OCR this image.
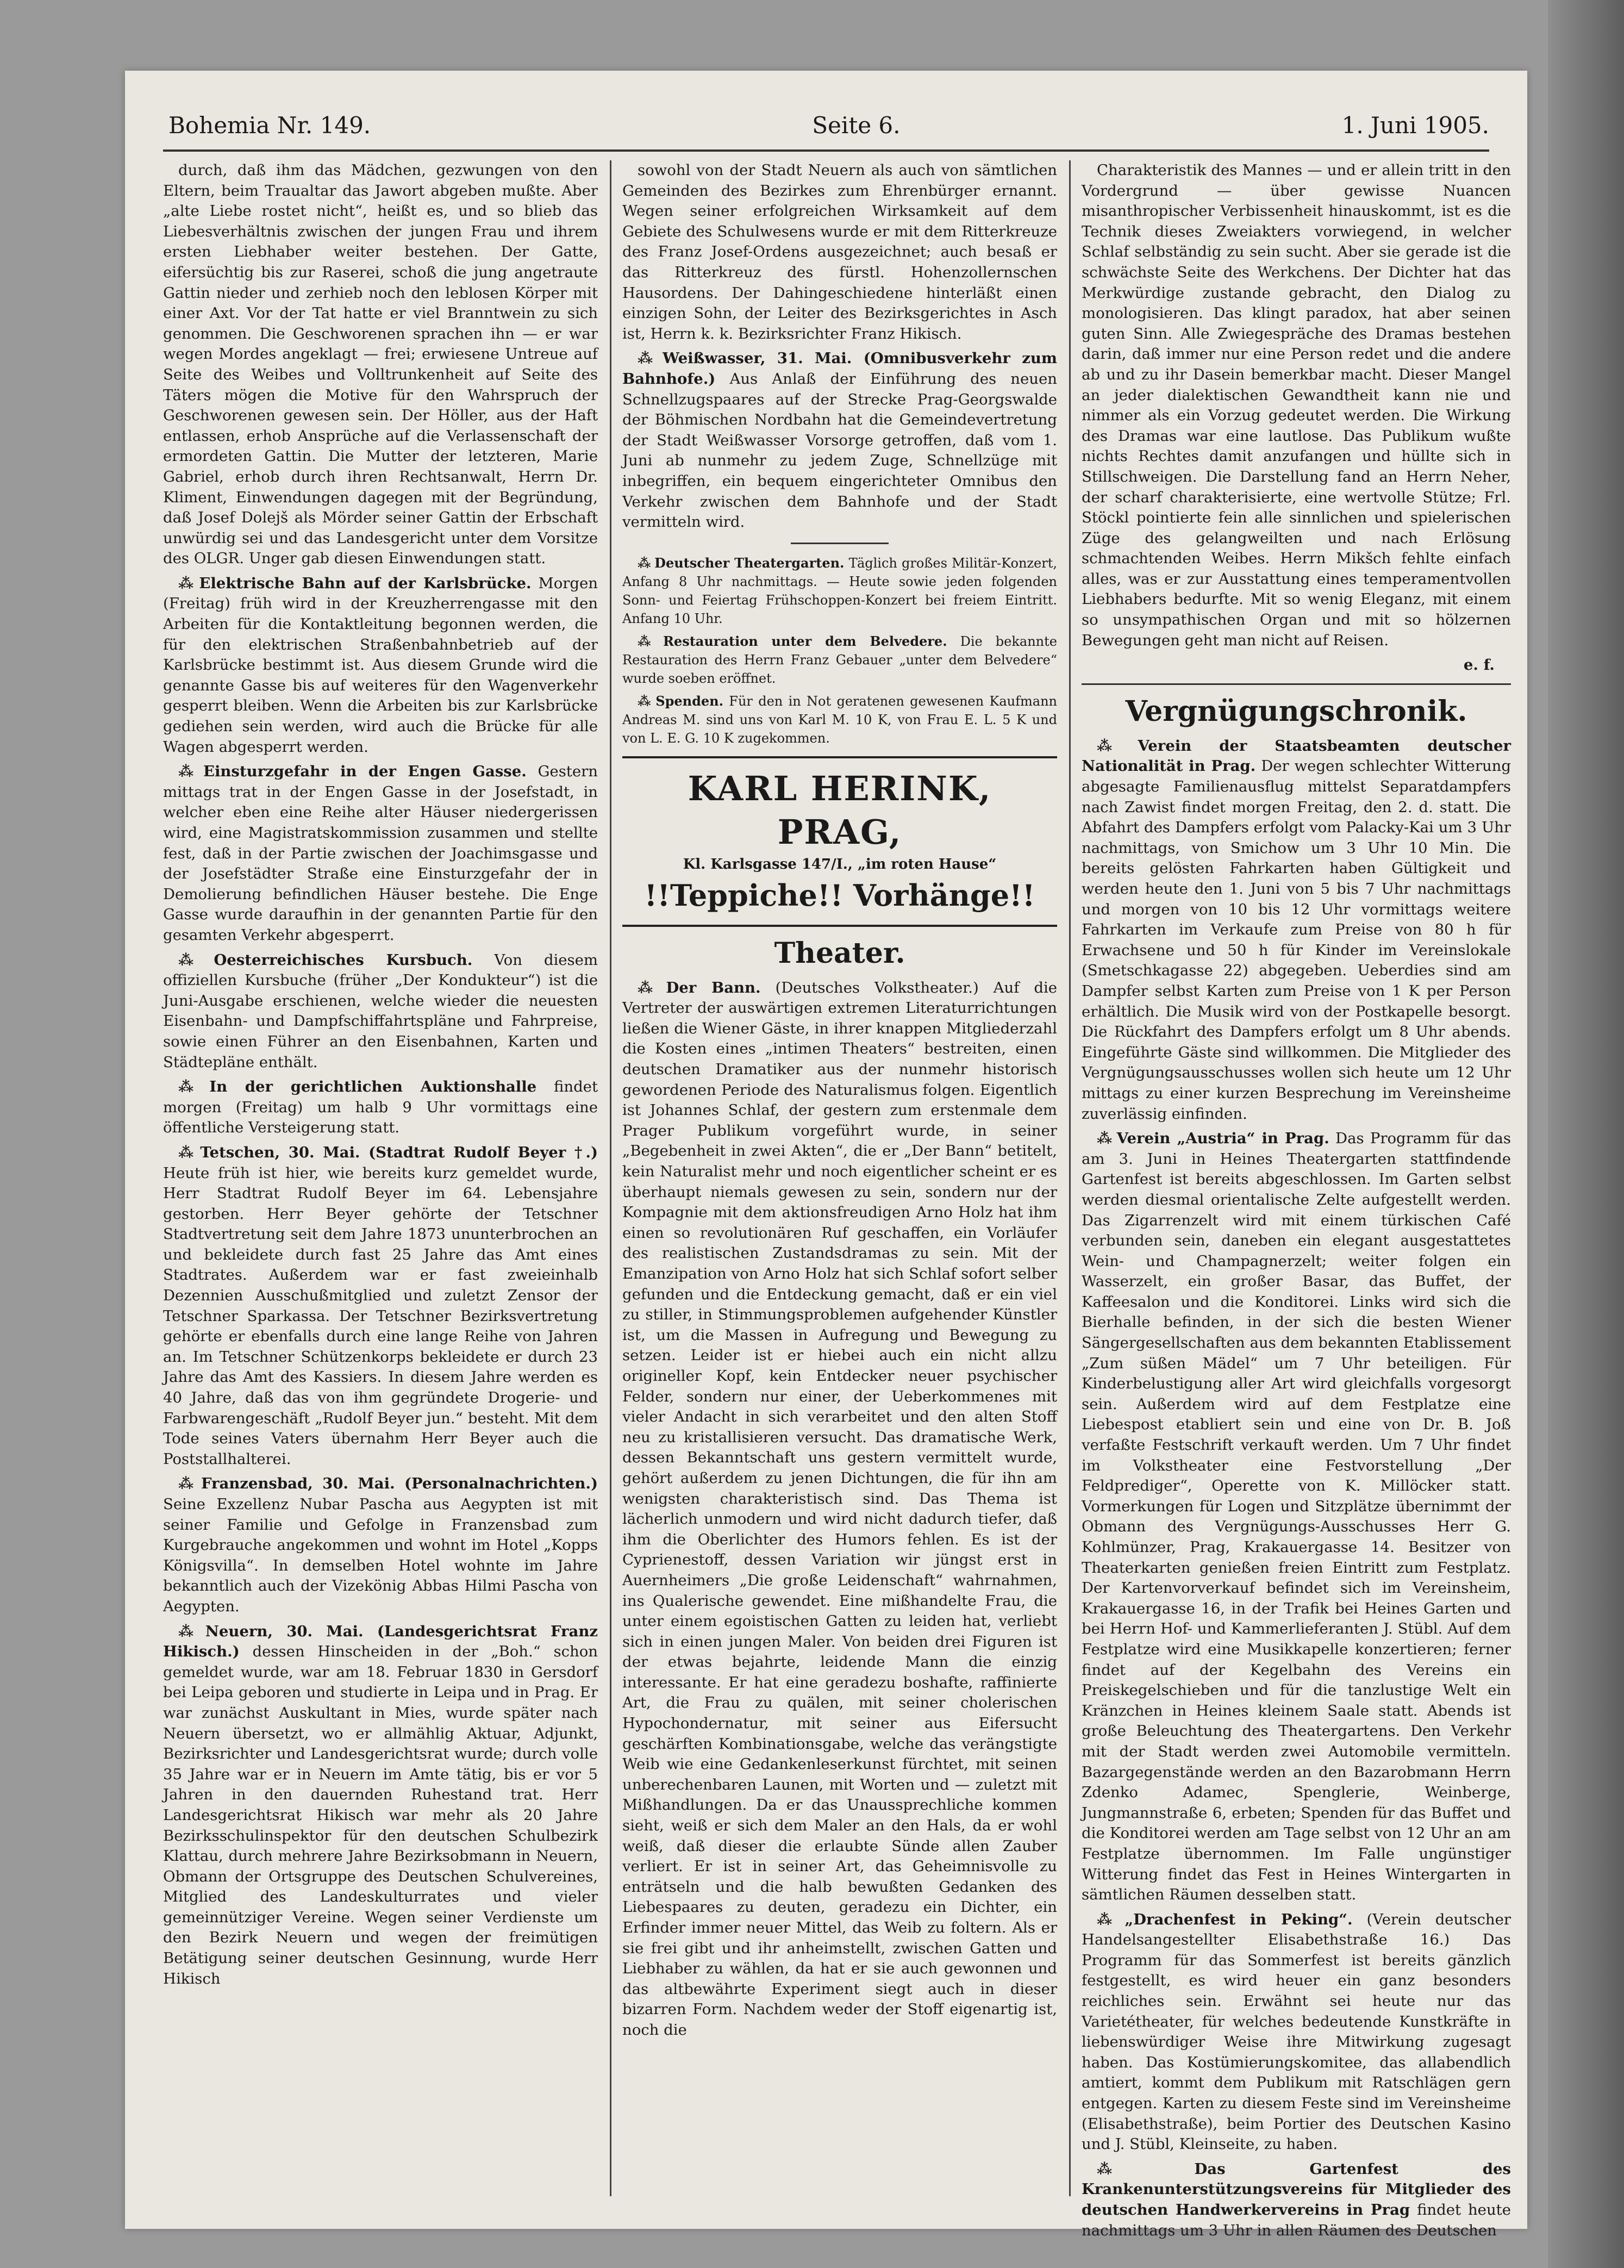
Bohemia Nr. 149.	Seite 6.	1. Juni 1905.

durch, daß ihm das Mädchen, gezwungen von den Eltern, beim Traualtar das Jawort abgeben mußte. Aber „alte Liebe rostet nicht“, heißt es, und so blieb das Liebesverhältnis zwischen der jungen Frau und ihrem ersten Liebhaber weiter bestehen. Der Gatte, eifersüchtig bis zur Raserei, schoß die jung angetraute Gattin nieder und zerhieb noch den leblosen Körper mit einer Axt. Vor der Tat hatte er viel Branntwein zu sich genommen. Die Geschworenen sprachen ihn — er war wegen Mordes angeklagt — frei; erwiesene Untreue auf Seite des Weibes und Volltrunkenheit auf Seite des Täters mögen die Motive für den Wahrspruch der Geschworenen gewesen sein. Der Höller, aus der Haft entlassen, erhob Ansprüche auf die Verlassenschaft der ermordeten Gattin. Die Mutter der letzteren, Marie Gabriel, erhob durch ihren Rechtsanwalt, Herrn Dr. Kliment, Einwendungen dagegen mit der Begründung, daß Josef Dolejš als Mörder seiner Gattin der Erbschaft unwürdig sei und das Landesgericht unter dem Vorsitze des OLGR. Unger gab diesen Einwendungen statt.

⁂ Elektrische Bahn auf der Karlsbrücke. Morgen (Freitag) früh wird in der Kreuzherrengasse mit den Arbeiten für die Kontaktleitung begonnen werden, die für den elektrischen Straßenbahnbetrieb auf der Karlsbrücke bestimmt ist. Aus diesem Grunde wird die genannte Gasse bis auf weiteres für den Wagenverkehr gesperrt bleiben. Wenn die Arbeiten bis zur Karlsbrücke gediehen sein werden, wird auch die Brücke für alle Wagen abgesperrt werden.

⁂ Einsturzgefahr in der Engen Gasse. Gestern mittags trat in der Engen Gasse in der Josefstadt, in welcher eben eine Reihe alter Häuser niedergerissen wird, eine Magistratskommission zusammen und stellte fest, daß in der Partie zwischen der Joachimsgasse und der Josefstädter Straße eine Einsturzgefahr der in Demolierung befindlichen Häuser bestehe. Die Enge Gasse wurde daraufhin in der genannten Partie für den gesamten Verkehr abgesperrt.

⁂ Oesterreichisches Kursbuch. Von diesem offiziellen Kursbuche (früher „Der Kondukteur“) ist die Juni-Ausgabe erschienen, welche wieder die neuesten Eisenbahn- und Dampfschiffahrtspläne und Fahrpreise, sowie einen Führer an den Eisenbahnen, Karten und Städtepläne enthält.

⁂ In der gerichtlichen Auktionshalle findet morgen (Freitag) um halb 9 Uhr vormittags eine öffentliche Versteigerung statt.

⁂ Tetschen, 30. Mai. (Stadtrat Rudolf Beyer †.) Heute früh ist hier, wie bereits kurz gemeldet wurde, Herr Stadtrat Rudolf Beyer im 64. Lebensjahre gestorben. Herr Beyer gehörte der Tetschner Stadtvertretung seit dem Jahre 1873 ununterbrochen an und bekleidete durch fast 25 Jahre das Amt eines Stadtrates. Außerdem war er fast zweieinhalb Dezennien Ausschußmitglied und zuletzt Zensor der Tetschner Sparkassa. Der Tetschner Bezirksvertretung gehörte er ebenfalls durch eine lange Reihe von Jahren an. Im Tetschner Schützenkorps bekleidete er durch 23 Jahre das Amt des Kassiers. In diesem Jahre werden es 40 Jahre, daß das von ihm gegründete Drogerie- und Farbwarengeschäft „Rudolf Beyer jun.“ besteht. Mit dem Tode seines Vaters übernahm Herr Beyer auch die Poststallhalterei.

⁂ Franzensbad, 30. Mai. (Personalnachrichten.) Seine Exzellenz Nubar Pascha aus Aegypten ist mit seiner Familie und Gefolge in Franzensbad zum Kurgebrauche angekommen und wohnt im Hotel „Kopps Königsvilla“. In demselben Hotel wohnte im Jahre bekanntlich auch der Vizekönig Abbas Hilmi Pascha von Aegypten.

⁂ Neuern, 30. Mai. (Landesgerichtsrat Franz Hikisch.) dessen Hinscheiden in der „Boh.“ schon gemeldet wurde, war am 18. Februar 1830 in Gersdorf bei Leipa geboren und studierte in Leipa und in Prag. Er war zunächst Auskultant in Mies, wurde später nach Neuern übersetzt, wo er allmählig Aktuar, Adjunkt, Bezirksrichter und Landesgerichtsrat wurde; durch volle 35 Jahre war er in Neuern im Amte tätig, bis er vor 5 Jahren in den dauernden Ruhestand trat. Herr Landesgerichtsrat Hikisch war mehr als 20 Jahre Bezirksschulinspektor für den deutschen Schulbezirk Klattau, durch mehrere Jahre Bezirksobmann in Neuern, Obmann der Ortsgruppe des Deutschen Schulvereines, Mitglied des Landeskulturrates und vieler gemeinnütziger Vereine. Wegen seiner Verdienste um den Bezirk Neuern und wegen der freimütigen Betätigung seiner deutschen Gesinnung, wurde Herr Hikisch

sowohl von der Stadt Neuern als auch von sämtlichen Gemeinden des Bezirkes zum Ehrenbürger ernannt. Wegen seiner erfolgreichen Wirksamkeit auf dem Gebiete des Schulwesens wurde er mit dem Ritterkreuze des Franz Josef-Ordens ausgezeichnet; auch besaß er das Ritterkreuz des fürstl. Hohenzollernschen Hausordens. Der Dahingeschiedene hinterläßt einen einzigen Sohn, der Leiter des Bezirksgerichtes in Asch ist, Herrn k. k. Bezirksrichter Franz Hikisch.

⁂ Weißwasser, 31. Mai. (Omnibusverkehr zum Bahnhofe.) Aus Anlaß der Einführung des neuen Schnellzugspaares auf der Strecke Prag-Georgswalde der Böhmischen Nordbahn hat die Gemeindevertretung der Stadt Weißwasser Vorsorge getroffen, daß vom 1. Juni ab nunmehr zu jedem Zuge, Schnellzüge mit inbegriffen, ein bequem eingerichteter Omnibus den Verkehr zwischen dem Bahnhofe und der Stadt vermitteln wird.

⁂ Deutscher Theatergarten. Täglich großes Militär-Konzert, Anfang 8 Uhr nachmittags. — Heute sowie jeden folgenden Sonn- und Feiertag Frühschoppen-Konzert bei freiem Eintritt. Anfang 10 Uhr.

⁂ Restauration unter dem Belvedere. Die bekannte Restauration des Herrn Franz Gebauer „unter dem Belvedere“ wurde soeben eröffnet.

⁂ Spenden. Für den in Not geratenen gewesenen Kaufmann Andreas M. sind uns von Karl M. 10 K, von Frau E. L. 5 K und von L. E. G. 10 K zugekommen.

KARL HERINK, PRAG,
Kl. Karlsgasse 147/I., „im roten Hause“
!!Teppiche!! Vorhänge!!
Theater.

⁂ Der Bann. (Deutsches Volkstheater.) Auf die Vertreter der auswärtigen extremen Literaturrichtungen ließen die Wiener Gäste, in ihrer knappen Mitgliederzahl die Kosten eines „intimen Theaters“ bestreiten, einen deutschen Dramatiker aus der nunmehr historisch gewordenen Periode des Naturalismus folgen. Eigentlich ist Johannes Schlaf, der gestern zum erstenmale dem Prager Publikum vorgeführt wurde, in seiner „Begebenheit in zwei Akten“, die er „Der Bann“ betitelt, kein Naturalist mehr und noch eigentlicher scheint er es überhaupt niemals gewesen zu sein, sondern nur der Kompagnie mit dem aktionsfreudigen Arno Holz hat ihm einen so revolutionären Ruf geschaffen, ein Vorläufer des realistischen Zustandsdramas zu sein. Mit der Emanzipation von Arno Holz hat sich Schlaf sofort selber gefunden und die Entdeckung gemacht, daß er ein viel zu stiller, in Stimmungsproblemen aufgehender Künstler ist, um die Massen in Aufregung und Bewegung zu setzen. Leider ist er hiebei auch ein nicht allzu origineller Kopf, kein Entdecker neuer psychischer Felder, sondern nur einer, der Ueberkommenes mit vieler Andacht in sich verarbeitet und den alten Stoff neu zu kristallisieren versucht. Das dramatische Werk, dessen Bekanntschaft uns gestern vermittelt wurde, gehört außerdem zu jenen Dichtungen, die für ihn am wenigsten charakteristisch sind. Das Thema ist lächerlich unmodern und wird nicht dadurch tiefer, daß ihm die Oberlichter des Humors fehlen. Es ist der Cyprienestoff, dessen Variation wir jüngst erst in Auernheimers „Die große Leidenschaft“ wahrnahmen, ins Qualerische gewendet. Eine mißhandelte Frau, die unter einem egoistischen Gatten zu leiden hat, verliebt sich in einen jungen Maler. Von beiden drei Figuren ist der etwas bejahrte, leidende Mann die einzig interessante. Er hat eine geradezu boshafte, raffinierte Art, die Frau zu quälen, mit seiner cholerischen Hypochondernatur, mit seiner aus Eifersucht geschärften Kombinationsgabe, welche das verängstigte Weib wie eine Gedankenleserkunst fürchtet, mit seinen unberechenbaren Launen, mit Worten und — zuletzt mit Mißhandlungen. Da er das Unaussprechliche kommen sieht, weiß er sich dem Maler an den Hals, da er wohl weiß, daß dieser die erlaubte Sünde allen Zauber verliert. Er ist in seiner Art, das Geheimnisvolle zu enträtseln und die halb bewußten Gedanken des Liebespaares zu deuten, geradezu ein Dichter, ein Erfinder immer neuer Mittel, das Weib zu foltern. Als er sie frei gibt und ihr anheimstellt, zwischen Gatten und Liebhaber zu wählen, da hat er sie auch gewonnen und das altbewährte Experiment siegt auch in dieser bizarren Form. Nachdem weder der Stoff eigenartig ist, noch die

Charakteristik des Mannes — und er allein tritt in den Vordergrund — über gewisse Nuancen misanthropischer Verbissenheit hinauskommt, ist es die Technik dieses Zweiakters vorwiegend, in welcher Schlaf selbständig zu sein sucht. Aber sie gerade ist die schwächste Seite des Werkchens. Der Dichter hat das Merkwürdige zustande gebracht, den Dialog zu monologisieren. Das klingt paradox, hat aber seinen guten Sinn. Alle Zwiegespräche des Dramas bestehen darin, daß immer nur eine Person redet und die andere ab und zu ihr Dasein bemerkbar macht. Dieser Mangel an jeder dialektischen Gewandtheit kann nie und nimmer als ein Vorzug gedeutet werden. Die Wirkung des Dramas war eine lautlose. Das Publikum wußte nichts Rechtes damit anzufangen und hüllte sich in Stillschweigen. Die Darstellung fand an Herrn Neher, der scharf charakterisierte, eine wertvolle Stütze; Frl. Stöckl pointierte fein alle sinnlichen und spielerischen Züge des gelangweilten und nach Erlösung schmachtenden Weibes. Herrn Mikšch fehlte einfach alles, was er zur Ausstattung eines temperamentvollen Liebhabers bedurfte. Mit so wenig Eleganz, mit einem so unsympathischen Organ und mit so hölzernen Bewegungen geht man nicht auf Reisen.

e. f.
Vergnügungschronik.

⁂ Verein der Staatsbeamten deutscher Nationalität in Prag. Der wegen schlechter Witterung abgesagte Familienausflug mittelst Separatdampfers nach Zawist findet morgen Freitag, den 2. d. statt. Die Abfahrt des Dampfers erfolgt vom Palacky-Kai um 3 Uhr nachmittags, von Smichow um 3 Uhr 10 Min. Die bereits gelösten Fahrkarten haben Gültigkeit und werden heute den 1. Juni von 5 bis 7 Uhr nachmittags und morgen von 10 bis 12 Uhr vormittags weitere Fahrkarten im Verkaufe zum Preise von 80 h für Erwachsene und 50 h für Kinder im Vereinslokale (Smetschkagasse 22) abgegeben. Ueberdies sind am Dampfer selbst Karten zum Preise von 1 K per Person erhältlich. Die Musik wird von der Postkapelle besorgt. Die Rückfahrt des Dampfers erfolgt um 8 Uhr abends. Eingeführte Gäste sind willkommen. Die Mitglieder des Vergnügungsausschusses wollen sich heute um 12 Uhr mittags zu einer kurzen Besprechung im Vereinsheime zuverlässig einfinden.

⁂ Verein „Austria“ in Prag. Das Programm für das am 3. Juni in Heines Theatergarten stattfindende Gartenfest ist bereits abgeschlossen. Im Garten selbst werden diesmal orientalische Zelte aufgestellt werden. Das Zigarrenzelt wird mit einem türkischen Café verbunden sein, daneben ein elegant ausgestattetes Wein- und Champagnerzelt; weiter folgen ein Wasserzelt, ein großer Basar, das Buffet, der Kaffeesalon und die Konditorei. Links wird sich die Bierhalle befinden, in der sich die besten Wiener Sängergesellschaften aus dem bekannten Etablissement „Zum süßen Mädel“ um 7 Uhr beteiligen. Für Kinderbelustigung aller Art wird gleichfalls vorgesorgt sein. Außerdem wird auf dem Festplatze eine Liebespost etabliert sein und eine von Dr. B. Joß verfaßte Festschrift verkauft werden. Um 7 Uhr findet im Volkstheater eine Festvorstellung „Der Feldprediger“, Operette von K. Millöcker statt. Vormerkungen für Logen und Sitzplätze übernimmt der Obmann des Vergnügungs-Ausschusses Herr G. Kohlmünzer, Prag, Krakauergasse 14. Besitzer von Theaterkarten genießen freien Eintritt zum Festplatz. Der Kartenvorverkauf befindet sich im Vereinsheim, Krakauergasse 16, in der Trafik bei Heines Garten und bei Herrn Hof- und Kammerlieferanten J. Stübl. Auf dem Festplatze wird eine Musikkapelle konzertieren; ferner findet auf der Kegelbahn des Vereins ein Preiskegelschieben und für die tanzlustige Welt ein Kränzchen in Heines kleinem Saale statt. Abends ist große Beleuchtung des Theatergartens. Den Verkehr mit der Stadt werden zwei Automobile vermitteln. Bazargegenstände werden an den Bazarobmann Herrn Zdenko Adamec, Spenglerie, Weinberge, Jungmannstraße 6, erbeten; Spenden für das Buffet und die Konditorei werden am Tage selbst von 12 Uhr an am Festplatze übernommen. Im Falle ungünstiger Witterung findet das Fest in Heines Wintergarten in sämtlichen Räumen desselben statt.

⁂ „Drachenfest in Peking“. (Verein deutscher Handelsangestellter Elisabethstraße 16.) Das Programm für das Sommerfest ist bereits gänzlich festgestellt, es wird heuer ein ganz besonders reichliches sein. Erwähnt sei heute nur das Varietétheater, für welches bedeutende Kunstkräfte in liebenswürdiger Weise ihre Mitwirkung zugesagt haben. Das Kostümierungskomitee, das allabendlich amtiert, kommt dem Publikum mit Ratschlägen gern entgegen. Karten zu diesem Feste sind im Vereinsheime (Elisabethstraße), beim Portier des Deutschen Kasino und J. Stübl, Kleinseite, zu haben.

⁂ Das Gartenfest des Krankenunterstützungsvereins für Mitglieder des deutschen Handwerkervereins in Prag findet heute nachmittags um 3 Uhr in allen Räumen des Deutschen
